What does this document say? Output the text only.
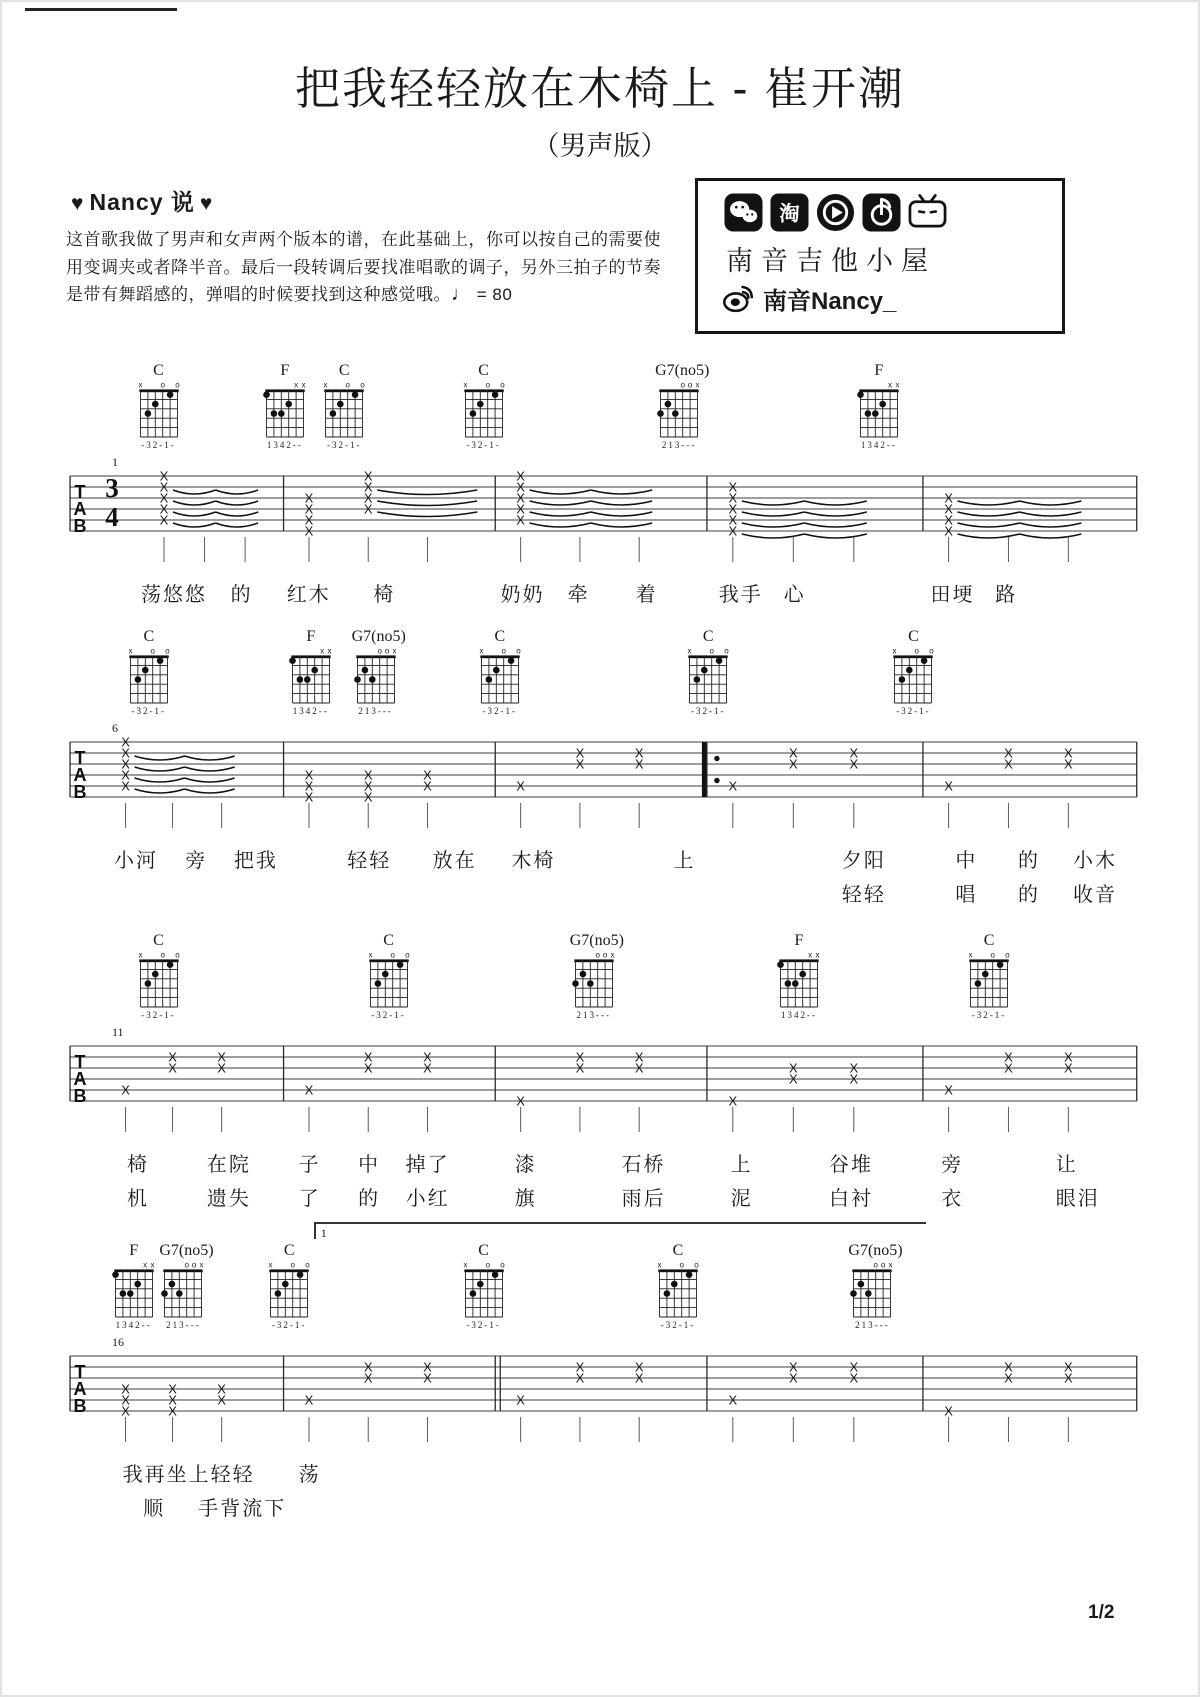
把我轻轻放在木椅上 - 崔开潮
（男声版）
♥ Nancy 说 ♥

这首歌我做了男声和女声两个版本的谱，在此基础上，你可以按自己的需要使

用变调夹或者降半音。最后一段转调后要找准唱歌的调子，另外三拍子的节奏

是带有舞蹈感的，弹唱的时候要找到这种感觉哦。♩ = 80

淘
南音吉他小屋
南音Nancy_
C
x o o
-32-1-
F
x x
1342--
C
x o o
-32-1-
C
x o o
-32-1-
G7(no5)
o o x
213---
F
x x
1342--
1
T
A
B
3
4
X
X
X
X
X
X
X
X
X
X
X
X
X
X
X
X
X
X
X
X
X
X
X
X
X
X
X
荡悠悠 的 红木 椅	奶奶 牵 着	我手 心	田埂 路
C
x o o
-32-1-
F
x x
1342--
G7(no5)
o o x
213---
C
x o o
-32-1-
C
x o o
-32-1-
C
x o o
-32-1-
6
T
A
B
X
X
X
X
X
X
X
X
X
X
X
X
X	X
X
X
X
X
X
X
X
X
X
X
X
X
X
X
小河 旁 把我	轻轻 放在 木椅	上	夕阳	中 的 小木
轻轻	唱 的 收音
C
x o o
-32-1-
C
x o o
-32-1-
G7(no5)
o o x
213---
F
x x
1342--
C
x o o
-32-1-
11
T
A
B	X
X
X
X
X
X
X
X
X
X
X
X
X
X
X
X
X
X
X
X
X
X
X
X
X
椅	在院 子 中 掉了	漆	石桥	上	谷堆	旁	让
机	遗失 了 的 小红	旗	雨后	泥	白衬	衣	眼泪
1
F
x x
1342--
G7(no5)
o o x
213---
C
x o o
-32-1-
C
x o o
-32-1-
C
x o o
-32-1-
G7(no5)
o o x
213---
16
T
A
B
X
X
X
X
X
X
X
X	X
X
X
X
X
X
X
X
X
X
X
X
X
X
X
X
X
X
X
X
我再坐上轻轻 荡
顺 手背流下
1/2
